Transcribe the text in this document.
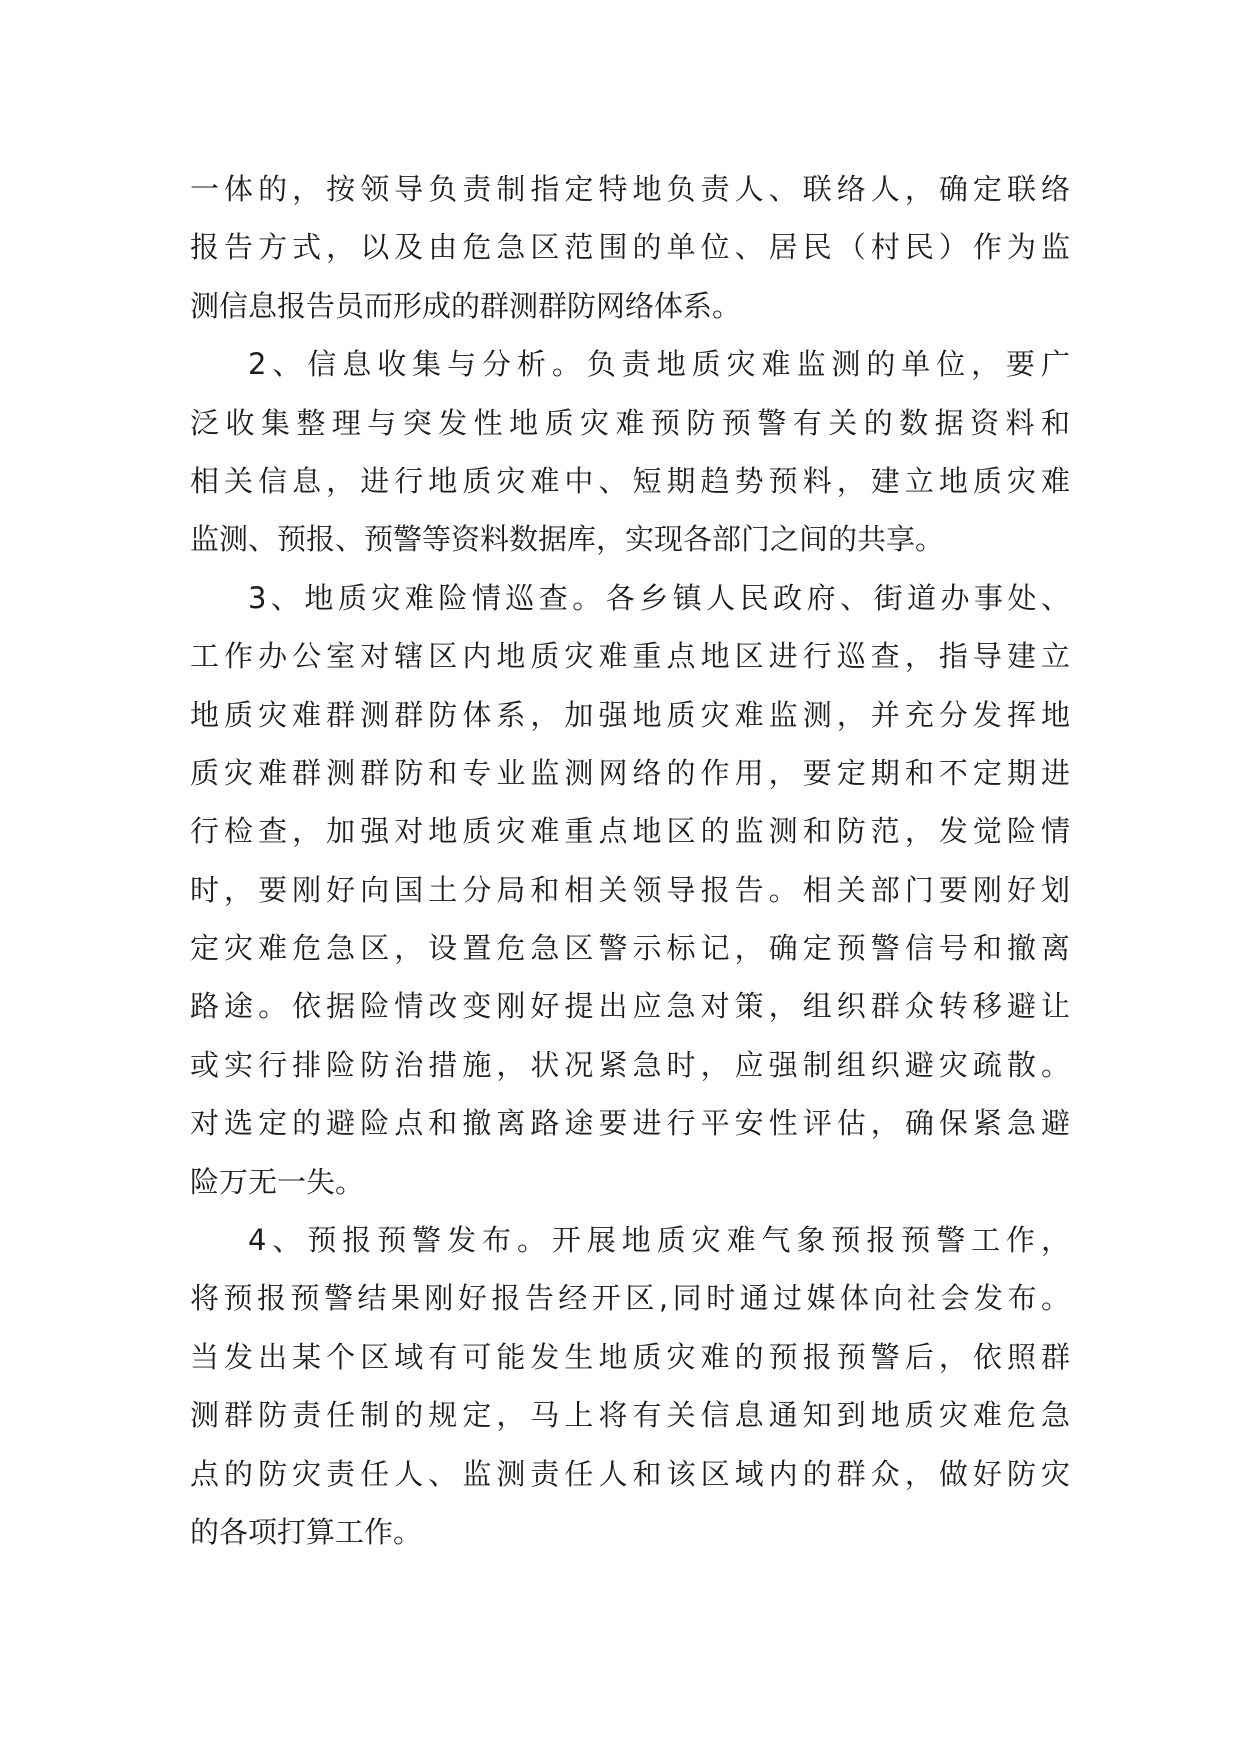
一体的，按领导负责制指定特地负责人、联络人，确定联络
报告方式，以及由危急区范围的单位、居民（村民）作为监
测信息报告员而形成的群测群防网络体系。
2、信息收集与分析。负责地质灾难监测的单位，要广
泛收集整理与突发性地质灾难预防预警有关的数据资料和
相关信息，进行地质灾难中、短期趋势预料，建立地质灾难
监测、预报、预警等资料数据库，实现各部门之间的共享。
3、地质灾难险情巡查。各乡镇人民政府、街道办事处、
工作办公室对辖区内地质灾难重点地区进行巡查，指导建立
地质灾难群测群防体系，加强地质灾难监测，并充分发挥地
质灾难群测群防和专业监测网络的作用，要定期和不定期进
行检查，加强对地质灾难重点地区的监测和防范，发觉险情
时，要刚好向国土分局和相关领导报告。相关部门要刚好划
定灾难危急区，设置危急区警示标记，确定预警信号和撤离
路途。依据险情改变刚好提出应急对策，组织群众转移避让
或实行排险防治措施，状况紧急时，应强制组织避灾疏散。
对选定的避险点和撤离路途要进行平安性评估，确保紧急避
险万无一失。
4、预报预警发布。开展地质灾难气象预报预警工作，
将预报预警结果刚好报告经开区,同时通过媒体向社会发布。
当发出某个区域有可能发生地质灾难的预报预警后，依照群
测群防责任制的规定，马上将有关信息通知到地质灾难危急
点的防灾责任人、监测责任人和该区域内的群众，做好防灾
的各项打算工作。
